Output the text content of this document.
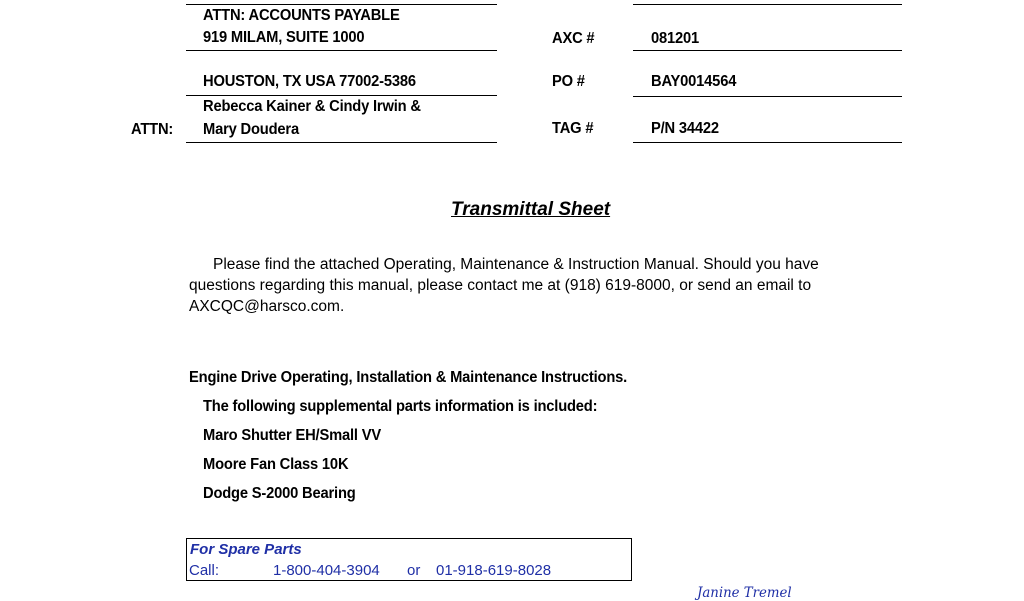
ATTN: ACCOUNTS PAYABLE
919 MILAM, SUITE 1000
HOUSTON, TX USA 77002-5386
ATTN:
Rebecca Kainer & Cindy Irwin &
Mary Doudera
AXC #	081201
PO #	BAY0014564
TAG #	P/N 34422
Transmittal Sheet
Please find the attached Operating, Maintenance & Instruction Manual. Should you have
questions regarding this manual, please contact me at (918) 619-8000, or send an email to
AXCQC@harsco.com.
Engine Drive Operating, Installation & Maintenance Instructions.
The following supplemental parts information is included:
Maro Shutter EH/Small VV
Moore Fan Class 10K
Dodge S-2000 Bearing
For Spare Parts
Call:	1-800-404-3904 or 01-918-619-8028
Janine Tremel
